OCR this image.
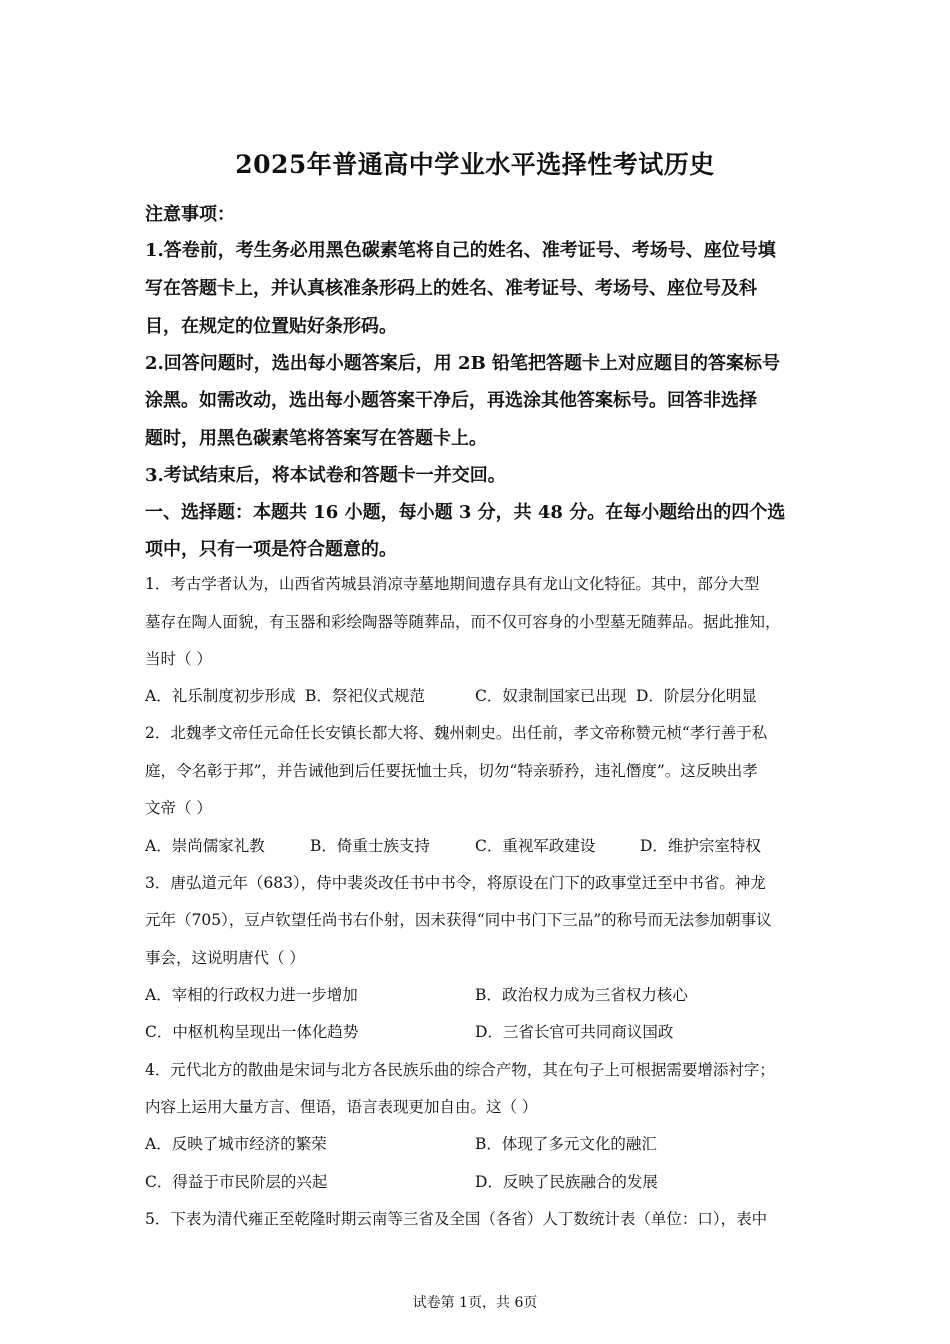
2025年普通高中学业水平选择性考试历史
注意事项：
1.答卷前，考生务必用黑色碳素笔将自己的姓名、准考证号、考场号、座位号填
写在答题卡上，并认真核准条形码上的姓名、准考证号、考场号、座位号及科
目，在规定的位置贴好条形码。
2.回答问题时，选出每小题答案后，用 2B 铅笔把答题卡上对应题目的答案标号
涂黑。如需改动，选出每小题答案干净后，再选涂其他答案标号。回答非选择
题时，用黑色碳素笔将答案写在答题卡上。
3.考试结束后，将本试卷和答题卡一并交回。
一、选择题：本题共 16 小题，每小题 3 分，共 48 分。在每小题给出的四个选
项中，只有一项是符合题意的。
1．考古学者认为，山西省芮城县消凉寺墓地期间遗存具有龙山文化特征。其中，部分大型
墓存在陶人面貌，有玉器和彩绘陶器等随葬品，而不仅可容身的小型墓无随葬品。据此推知，
当时（ ）
A．礼乐制度初步形成 B．祭祀仪式规范	C．奴隶制国家已出现 D．阶层分化明显
2．北魏孝文帝任元命任长安镇长都大将、魏州刺史。出任前，孝文帝称赞元桢“孝行善于私
庭，令名彰于邦”，并告诫他到后任要抚恤士兵，切勿“特亲骄矜，违礼僭度”。这反映出孝
文帝（ ）
A．崇尚儒家礼教	B．倚重士族支持	C．重视军政建设	D．维护宗室特权
3．唐弘道元年（683），侍中裴炎改任书中书令，将原设在门下的政事堂迁至中书省。神龙
元年（705），豆卢钦望任尚书右仆射，因未获得“同中书门下三品”的称号而无法参加朝事议
事会，这说明唐代（ ）
A．宰相的行政权力进一步增加	B．政治权力成为三省权力核心
C．中枢机构呈现出一体化趋势	D．三省长官可共同商议国政
4．元代北方的散曲是宋词与北方各民族乐曲的综合产物，其在句子上可根据需要增添衬字；
内容上运用大量方言、俚语，语言表现更加自由。这（ ）
A．反映了城市经济的繁荣	B．体现了多元文化的融汇
C．得益于市民阶层的兴起	D．反映了民族融合的发展
5．下表为清代雍正至乾隆时期云南等三省及全国（各省）人丁数统计表（单位：口），表中
试卷第 1页，共 6页
